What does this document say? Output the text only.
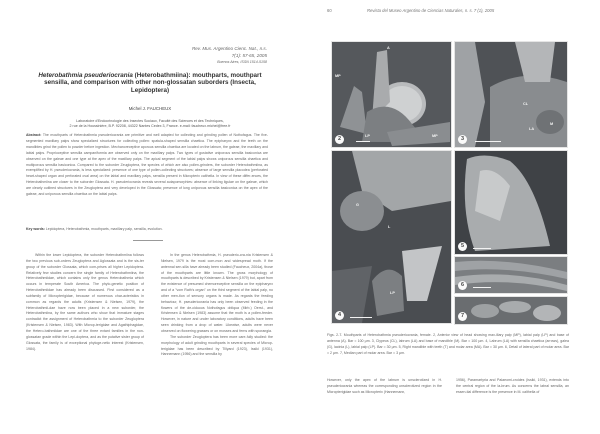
Rev. Mus. Argentino Cienc. Nat., n.s.
7(1): 57-65, 2005
Buenos Aires, ISSN 1514-5158
Heterobathmia pseuderiocrania (Heterobathmiina): mouthparts, mouthpart sensilla, and comparison with other non-glossatan suborders (Insecta, Lepidoptera)
Michel J. FAUCHEUX
Laboratoire d'Endocrinologie des Insectes Sociaux, Faculté des Sciences et des Techniques,
2 rue de la Houssinière, B.P. 92208, 44322 Nantes Cedex 3, France. e-mail: faucheux.michel@free.fr
Abstract: The mouthparts of Heterobathmia pseuderiocrania are primitive and well adapted for collecting and grinding pollen of Nothofagus. The five- segmented maxillary palps show specialized structures for collecting pollen: spatula-shaped sensilla chaetica. The epipharynx and the teeth on the mandibles grind the pollen to powder before ingestion. Mechanoreceptive aporous sensilla chaetica are located on the labrum, the galeae, the maxillary and labial palps. Proprioceptive sensilla campaniformia are observed only on the maxillary palps. Two types of gustative uniporous sensilla basiconica are observed on the galeae and one type at the apex of the maxillary palps. The apical segment of the labial palps shows uniporous sensilla chaetica and multiporous sensilla basiconica. Compared to the suborder Zeugloptera, the species of which are also pollen-grinders, the suborder Heterobathmiina, as exemplified by H. pseuderiocrania, is less specialized: presence of one type of pollen-collecting structures; absence of large sensilla placodea (perforated heart-shaped organ and perforated oval area) on the labial and maxillary palps, sensilla present in Micropterix calthella. In view of these differ-ences, the Heterobathmiina are closer to the suborder Glossata. H. pseuderiocrania reveals several autapomorphies: absence of linking ligulae on the galeae, which are clearly outlined structures in the Zeugloptera and very developed in the Glossata; presence of long uniporous sensilla basiconica on the apex of the galeae, and uniporous sensilla chaetica on the labial palps.
Key words: Lepidoptera, Heterobathmia, mouthparts, maxillary palp, sensilla, evolution.

Within the lower Lepidoptera, the suborder Heterobathmiina follows the two previous sub-orders Zeugloptera and Aglossata and is the sis-ter group of the suborder Glossata, which com-prises all higher Lepidoptera. Relatively few studies concern the single family of Heterobathmiina, the Heterobathmiidae, which contains only the genus Heterobathmia which occurs in temperate South America. The phylo-genetic position of Heterobathmiidae has already been discussed. First considered as a subfamily of Micropterigidae, because of numerous char-acteristics in common as regards the adults (Kristensen & Nielsen, 1979), the Heterobathmii-dae have now been placed in a new suborder, the Heterobathmiina, by the same authors who show that immature stages contradict the assignment of Heterobathmia to the suborder Zeugloptera (Kristensen & Nielsen, 1983). With Microp-terigidae and Agathiphagidae, the Hetero-bathmiidae are one of the three extant families in the non-glossatan grade within the Lepi-doptera, and as the putative sister group of Glossata, the family is of exceptional phyloge-netic interest (Kristensen, 1984).

In the genus Heterobathmia, H. pseuderio-cra-nia Kristensen & Nielsen, 1979 is the most com-mon and widespread moth. If the antennal sen-silla have already been studied (Faucheux, 2004a), those of the mouthparts are little known. The gross morphology of mouthparts is described by Kristensen & Nielsen (1979) but, apart from the existence of presumed chemoreceptive sensilla on the epipharynx and of a "vom Rath's organ" on the third segment of the labial palp, no other men-tion of sensory organs is made. As regards the feeding behaviour, H. pseuderiocrania has only been observed feeding in the flowers of the de-ciduous Nothofagus obliqua (Mirb.) Oerst., and Kristensen & Nielsen (1983) assume that the moth is a pollen-feeder. However, in nature and under laboratory conditions, adults have been seen drinking from a drop of water. Likewise, adults were never observed on flowering grasses or on mosses and ferns with sporangia.

The suborder Zeugloptera has been more care-fully studied: the morphology of adult grinding mouthparts in several species of Microp-terigidae has been described by Tillyard (1923), Issiki (1931), Hannemann (1956) and the sensilla by

60	Revista del Museo Argentino de Ciencias Naturales, n. s. 7 (1), 2005
A
MP
LP	MP
2
CL
LA
M
3
G
L
LP
4
5
6
7
Figs. 2-7. Mouthparts of Heterobathmia pseuderiocrania, female. 2, Anterior view of head showing max-illary palp (MP), labial palp (LP) and base of antenna (A). Bar = 100 µm. 3, Clypeus (CL), labrum (LA) and base of mandible (M). Bar = 100 µm. 4, Labrum (LA) with sensilla chaetica (arrows), galea (G), lacinia (L), labial palp (LP). Bar = 30 µm. 5, Right mandible with teeth (T) and molar area (MA). Bar = 30 µm. 6, Detail of lateral part of molar area. Bar = 2 µm. 7, Median part of molar area. Bar = 3 µm.

However, only the apex of the labrum is unsclerotized in H. pseuderiocrania whereas the corresponding unsclerotized region in the Micropterigidae such as Micropterix (Hannemann,

1956), Paramartyria and Palaeomi-croides (Issiki, 1931), extends into the central region of the la-brum. As concerns the labral sensilla, an essen-tial difference is the presence in M. calthella of
